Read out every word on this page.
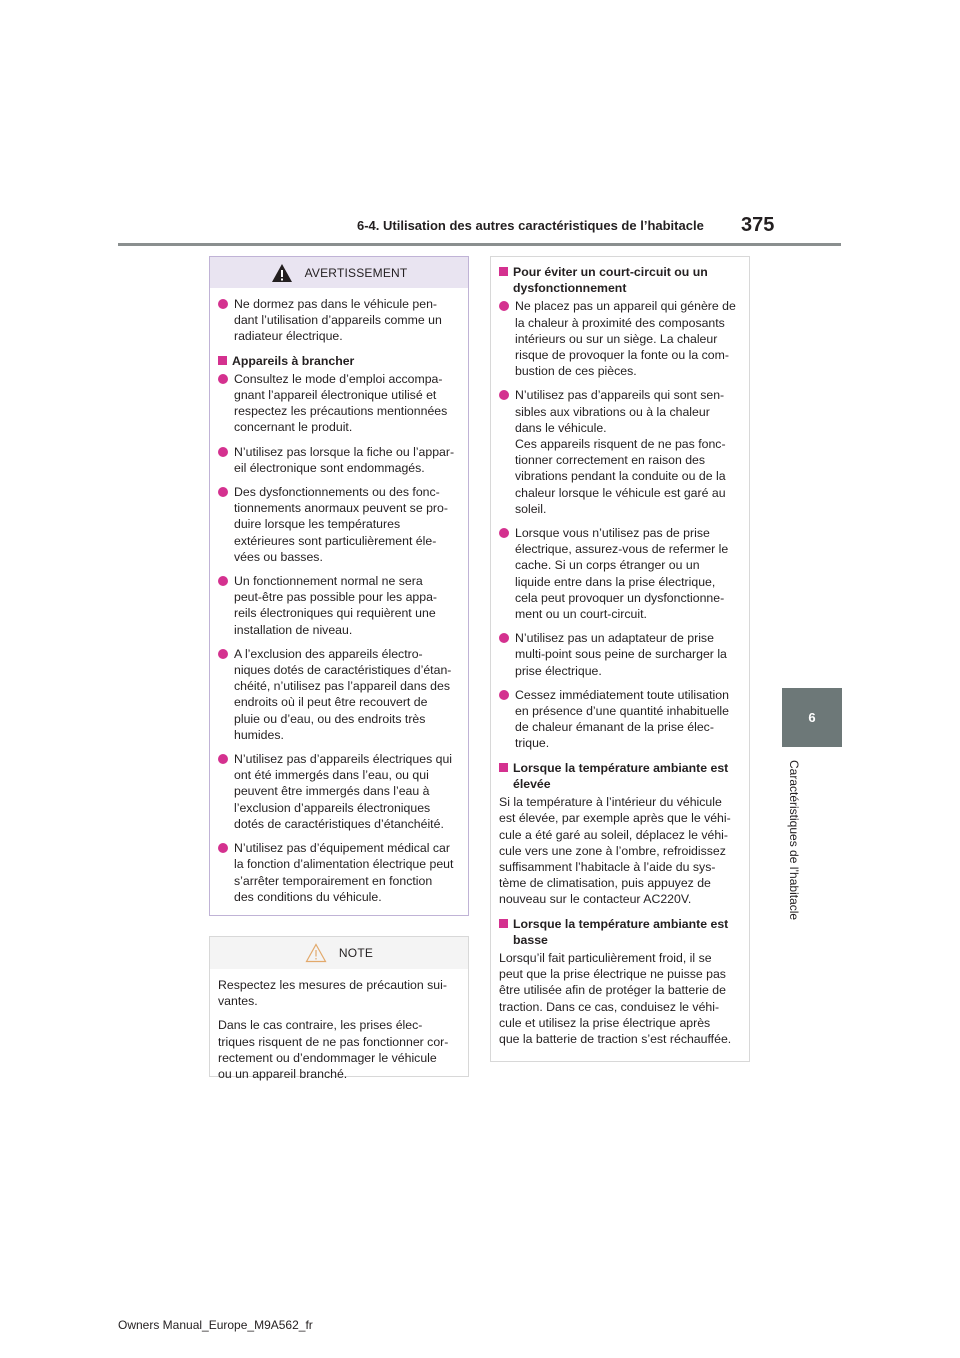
6-4. Utilisation des autres caractéristiques de l’habitacle 375
6
Caractéristiques de l’habitacle
AVERTISSEMENT
Ne dormez pas dans le véhicule pen-
dant l’utilisation d’appareils comme un
radiateur électrique.
Appareils à brancher
Consultez le mode d’emploi accompa-
gnant l’appareil électronique utilisé et
respectez les précautions mentionnées
concernant le produit.
N’utilisez pas lorsque la fiche ou l’appar-
eil électronique sont endommagés.
Des dysfonctionnements ou des fonc-
tionnements anormaux peuvent se pro-
duire lorsque les températures
extérieures sont particulièrement éle-
vées ou basses.
Un fonctionnement normal ne sera
peut-être pas possible pour les appa-
reils électroniques qui requièrent une
installation de niveau.
A l’exclusion des appareils électro-
niques dotés de caractéristiques d’étan-
chéité, n’utilisez pas l’appareil dans des
endroits où il peut être recouvert de
pluie ou d’eau, ou des endroits très
humides.
N’utilisez pas d’appareils électriques qui
ont été immergés dans l’eau, ou qui
peuvent être immergés dans l’eau à
l’exclusion d’appareils électroniques
dotés de caractéristiques d’étanchéité.
N’utilisez pas d’équipement médical car
la fonction d’alimentation électrique peut
s’arrêter temporairement en fonction
des conditions du véhicule.
NOTE
Respectez les mesures de précaution sui-
vantes.
Dans le cas contraire, les prises élec-
triques risquent de ne pas fonctionner cor-
rectement ou d’endommager le véhicule
ou un appareil branché.
Pour éviter un court-circuit ou un
dysfonctionnement
Ne placez pas un appareil qui génère de
la chaleur à proximité des composants
intérieurs ou sur un siège. La chaleur
risque de provoquer la fonte ou la com-
bustion de ces pièces.
N’utilisez pas d’appareils qui sont sen-
sibles aux vibrations ou à la chaleur
dans le véhicule.
Ces appareils risquent de ne pas fonc-
tionner correctement en raison des
vibrations pendant la conduite ou de la
chaleur lorsque le véhicule est garé au
soleil.
Lorsque vous n’utilisez pas de prise
électrique, assurez-vous de refermer le
cache. Si un corps étranger ou un
liquide entre dans la prise électrique,
cela peut provoquer un dysfonctionne-
ment ou un court-circuit.
N’utilisez pas un adaptateur de prise
multi-point sous peine de surcharger la
prise électrique.
Cessez immédiatement toute utilisation
en présence d’une quantité inhabituelle
de chaleur émanant de la prise élec-
trique.
Lorsque la température ambiante est
élevée
Si la température à l’intérieur du véhicule
est élevée, par exemple après que le véhi-
cule a été garé au soleil, déplacez le véhi-
cule vers une zone à l’ombre, refroidissez
suffisamment l’habitacle à l’aide du sys-
tème de climatisation, puis appuyez de
nouveau sur le contacteur AC220V.
Lorsque la température ambiante est
basse
Lorsqu’il fait particulièrement froid, il se
peut que la prise électrique ne puisse pas
être utilisée afin de protéger la batterie de
traction. Dans ce cas, conduisez le véhi-
cule et utilisez la prise électrique après
que la batterie de traction s’est réchauffée.
Owners Manual_Europe_M9A562_fr
